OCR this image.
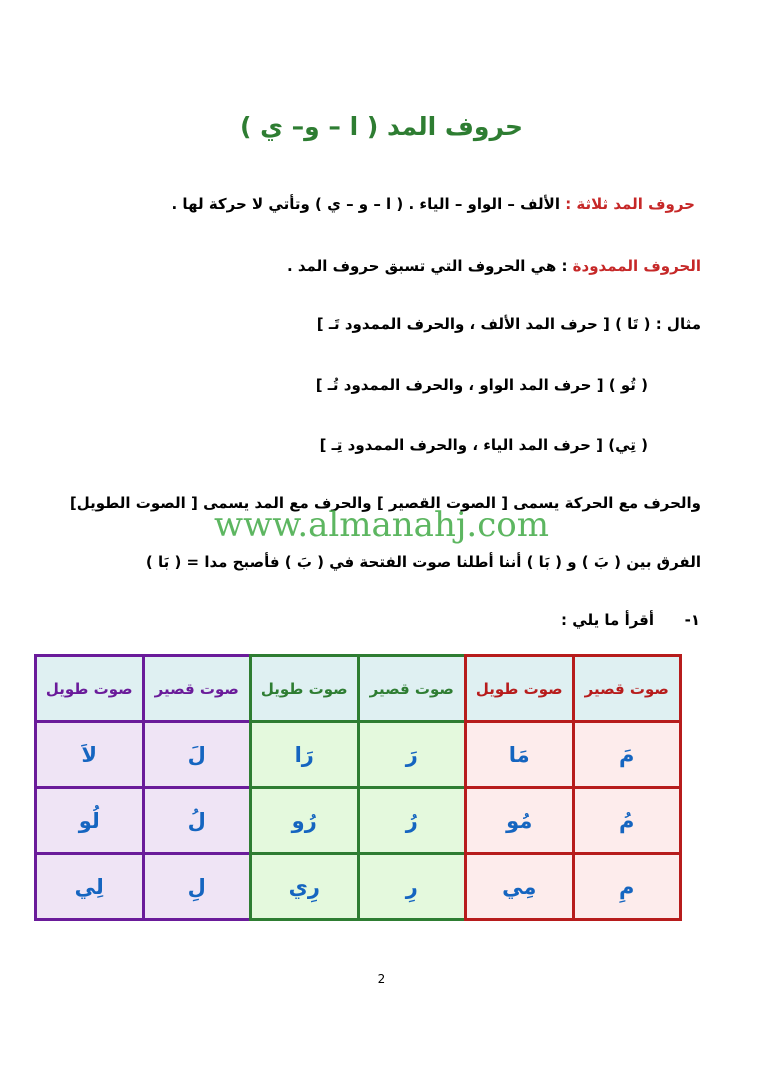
حروف المد ( ا – و– ي )
حروف المد ثلاثة : الألف – الواو – الياء . ( ا – و – ي ) وتأتي لا حركة لها .
الحروف الممدودة : هي الحروف التي تسبق حروف المد .
مثال : ( تَا ) [ حرف المد الألف ، والحرف الممدود تَـ ]
( تُو ) [ حرف المد الواو ، والحرف الممدود تُـ ]
( تِي) [ حرف المد الياء ، والحرف الممدود تِـ ]
والحرف مع الحركة يسمى [ الصوت القصير ] والحرف مع المد يسمى [ الصوت الطويل]
www.almanahj.com
الفرق بين ( بَ ) و ( بَا ) أننا أطلنا صوت الفتحة في ( بَ ) فأصبح مدا = ( بَا )
١-أقرأ ما يلي :
صوت قصير	صوت طويل	صوت قصير	صوت طويل	صوت قصير	صوت طويل
مَ	مَا	رَ	رَا	لَ	لاَ
مُ	مُو	رُ	رُو	لُ	لُو
مِ	مِي	رِ	رِي	لِ	لِي
2
